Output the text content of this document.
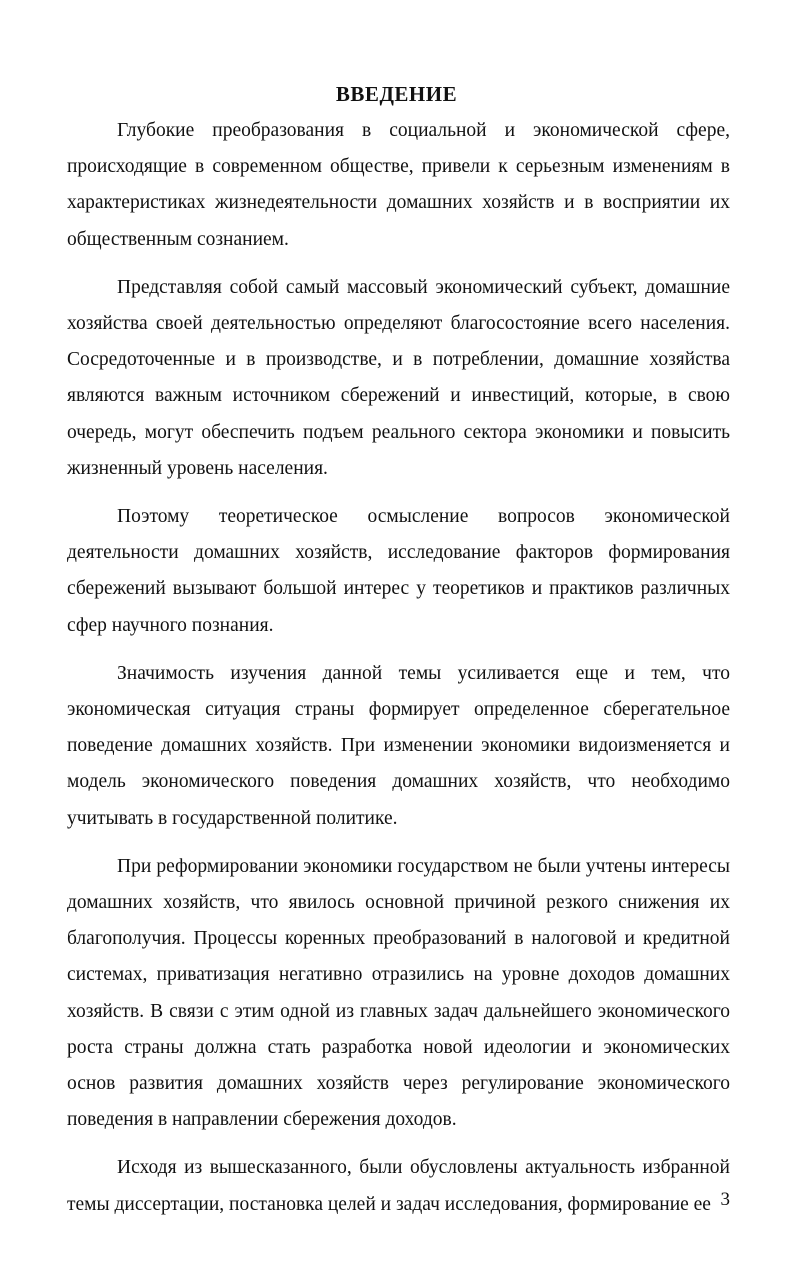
ВВЕДЕНИЕ

Глубокие преобразования в социальной и экономической сфере, происходящие в современном обществе, привели к серьезным изменениям в характеристиках жизнедеятельности домашних хозяйств и в восприятии их общественным сознанием.

Представляя собой самый массовый экономический субъект, домашние хозяйства своей деятельностью определяют благосостояние всего населения. Сосредоточенные и в производстве, и в потреблении, домашние хозяйства являются важным источником сбережений и инвестиций, которые, в свою очередь, могут обеспечить подъем реального сектора экономики и повысить жизненный уровень населения.

Поэтому теоретическое осмысление вопросов экономической деятельности домашних хозяйств, исследование факторов формирования сбережений вызывают большой интерес у теоретиков и практиков различных сфер научного познания.

Значимость изучения данной темы усиливается еще и тем, что экономическая ситуация страны формирует определенное сберегательное поведение домашних хозяйств. При изменении экономики видоизменяется и модель экономического поведения домашних хозяйств, что необходимо учитывать в государственной политике.

При реформировании экономики государством не были учтены интересы домашних хозяйств, что явилось основной причиной резкого снижения их благополучия. Процессы коренных преобразований в налоговой и кредитной системах, приватизация негативно отразились на уровне доходов домашних хозяйств. В связи с этим одной из главных задач дальнейшего экономического роста страны должна стать разработка новой идеологии и экономических основ развития домашних хозяйств через регулирование экономического поведения в направлении сбережения доходов.

Исходя из вышесказанного, были обусловлены актуальность избранной темы диссертации, постановка целей и задач исследования, формирование ее 3
